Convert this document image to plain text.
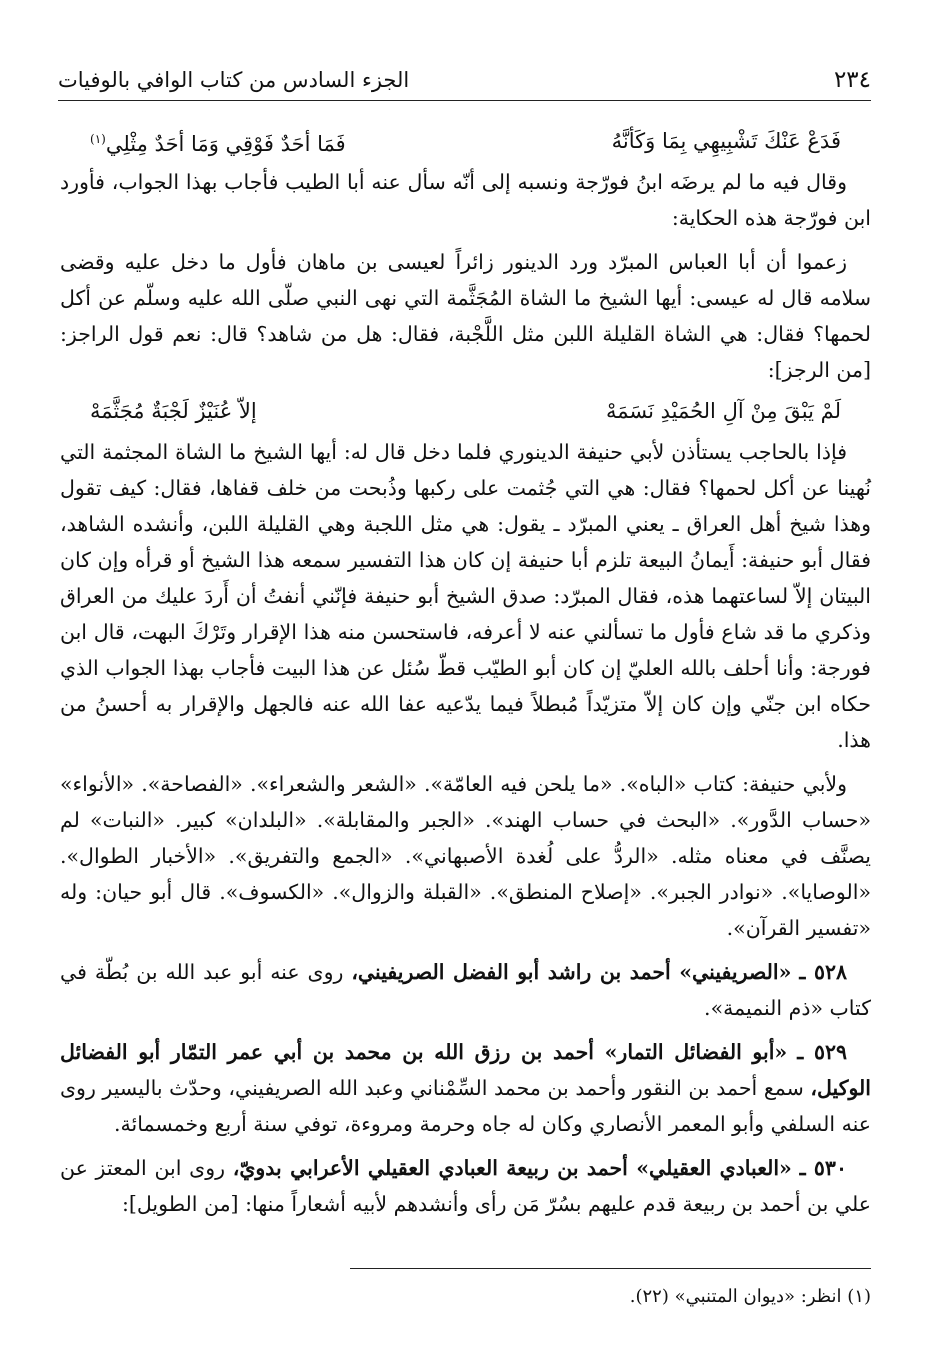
٢٣٤
الجزء السادس من كتاب الوافي بالوفيات
فَدَعْ عَنْكَ تَشْبِيهِي بِمَا وَكَأنَّهُ
فَمَا أحَدٌ فَوْقِي وَمَا أحَدٌ مِثْلِي$^{(١)}$

وقال فيه ما لم يرضَه ابنُ فورّجة ونسبه إلى أنّه سأل عنه أبا الطيب فأجاب بهذا الجواب، فأورد ابن فورّجة هذه الحكاية:

زعموا أن أبا العباس المبرّد ورد الدينور زائراً لعيسى بن ماهان فأول ما دخل عليه وقضى سلامه قال له عيسى: أيها الشيخ ما الشاة المُجَثَّمة التي نهى النبي صلّى الله عليه وسلّم عن أكل لحمها؟ فقال: هي الشاة القليلة اللبن مثل اللَّجْبة، فقال: هل من شاهد؟ قال: نعم قول الراجز: [من الرجز]:

لَمْ يَبْقَ مِنْ آلِ الحُمَيْدِ نَسَمَهْ
إلاّ عُنَيْزٌ لَجْبَةٌ مُجَثَّمَهْ

فإذا بالحاجب يستأذن لأبي حنيفة الدينوري فلما دخل قال له: أيها الشيخ ما الشاة المجثمة التي نُهينا عن أكل لحمها؟ فقال: هي التي جُثمت على ركبها وذُبحت من خلف قفاها، فقال: كيف تقول وهذا شيخ أهل العراق ـ يعني المبرّد ـ يقول: هي مثل اللجبة وهي القليلة اللبن، وأنشده الشاهد، فقال أبو حنيفة: أَيمانُ البيعة تلزم أبا حنيفة إن كان هذا التفسير سمعه هذا الشيخ أو قرأه وإن كان البيتان إلاّ لساعتهما هذه، فقال المبرّد: صدق الشيخ أبو حنيفة فإنّني أنفتُ أن أَردَ عليك من العراق وذكري ما قد شاع فأول ما تسألني عنه لا أعرفه، فاستحسن منه هذا الإقرار وتَرْكَ البهت، قال ابن فورجة: وأنا أحلف بالله العليّ إن كان أبو الطيّب قطّ سُئل عن هذا البيت فأجاب بهذا الجواب الذي حكاه ابن جنّي وإن كان إلاّ متزيّداً مُبطلاً فيما يدّعيه عفا الله عنه فالجهل والإقرار به أحسنُ من هذا.

ولأبي حنيفة: كتاب «الباه». «ما يلحن فيه العامّة». «الشعر والشعراء». «الفصاحة». «الأنواء» «حساب الدَّور». «البحث في حساب الهند». «الجبر والمقابلة». «البلدان» كبير. «النبات» لم يصنَّف في معناه مثله. «الردُّ على لُغدة الأصبهاني». «الجمع والتفريق». «الأخبار الطوال». «الوصايا». «نوادر الجبر». «إصلاح المنطق». «القبلة والزوال». «الكسوف». قال أبو حيان: وله «تفسير القرآن».

٥٢٨ ـ «الصريفيني» أحمد بن راشد أبو الفضل الصريفيني، روى عنه أبو عبد الله بن بُطّة في كتاب «ذم النميمة».

٥٢٩ ـ «أبو الفضائل التمار» أحمد بن رزق الله بن محمد بن أبي عمر التمّار أبو الفضائل الوكيل، سمع أحمد بن النقور وأحمد بن محمد السِّمْناني وعبد الله الصريفيني، وحدّث باليسير روى عنه السلفي وأبو المعمر الأنصاري وكان له جاه وحرمة ومروءة، توفي سنة أربع وخمسمائة.

٥٣٠ ـ «العبادي العقيلي» أحمد بن ربيعة العبادي العقيلي الأعرابي بدويّ، روى ابن المعتز عن علي بن أحمد بن ربيعة قدم عليهم بسُرّ مَن رأى وأنشدهم لأبيه أشعاراً منها: [من الطويل]:

(١) انظر: «ديوان المتنبي» (٢٢).
